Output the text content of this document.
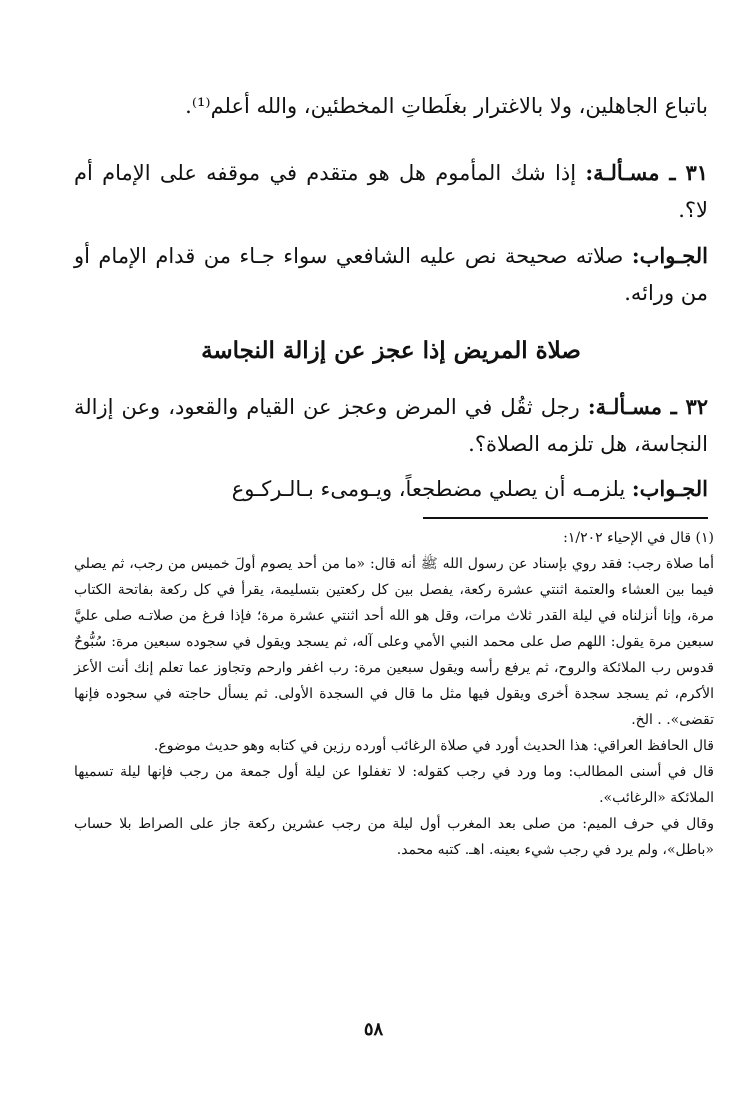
باتباع الجاهلين، ولا بالاغترار بغلَطاتِ المخطئين، والله أعلم⁽¹⁾.

٣١ ـ مسـألـة: إذا شك المأموم هل هو متقدم في موقفه على الإمام أم لا؟.

الجـواب: صلاته صحيحة نص عليه الشافعي سواء جـاء من قدام الإمام أو من ورائه.

صلاة المريض إذا عجز عن إزالة النجاسة

٣٢ ـ مسـألـة: رجل ثقُل في المرض وعجز عن القيام والقعود، وعن إزالة النجاسة، هل تلزمه الصلاة؟.

الجـواب: يلزمـه أن يصلي مضطجعاً، ويـومىء بـالـركـوع

(١) قال في الإحياء ١/٢٠٢:

أما صلاة رجب: فقد روي بإسناد عن رسول الله ﷺ أنه قال: «ما من أحد يصوم أولَ خميس من رجب، ثم يصلي فيما بين العشاء والعتمة اثنتي عشرة ركعة، يفصل بين كل ركعتين بتسليمة، يقرأ في كل ركعة بفاتحة الكتاب مرة، وإنا أنزلناه في ليلة القدر ثلاث مرات، وقل هو الله أحد اثنتي عشرة مرة؛ فإذا فرغ من صلاتـه صلى عليَّ سبعين مرة يقول: اللهم صل على محمد النبي الأمي وعلى آله، ثم يسجد ويقول في سجوده سبعين مرة: سُبُّوحٌ قدوس رب الملائكة والروح، ثم يرفع رأسه ويقول سبعين مرة: رب اغفر وارحم وتجاوز عما تعلم إنك أنت الأعز الأكرم، ثم يسجد سجدة أخرى ويقول فيها مثل ما قال في السجدة الأولى. ثم يسأل حاجته في سجوده فإنها تقضى». . الخ.

قال الحافظ العراقي: هذا الحديث أورد في صلاة الرغائب أورده رزين في كتابه وهو حديث موضوع.

قال في أسنى المطالب: وما ورد في رجب كقوله: لا تغفلوا عن ليلة أول جمعة من رجب فإنها ليلة تسميها الملائكة «الرغائب».

وقال في حرف الميم: من صلى بعد المغرب أول ليلة من رجب عشرين ركعة جاز على الصراط بلا حساب «باطل»، ولم يرد في رجب شيء بعينه. اهـ. كتبه محمد.

٥٨
